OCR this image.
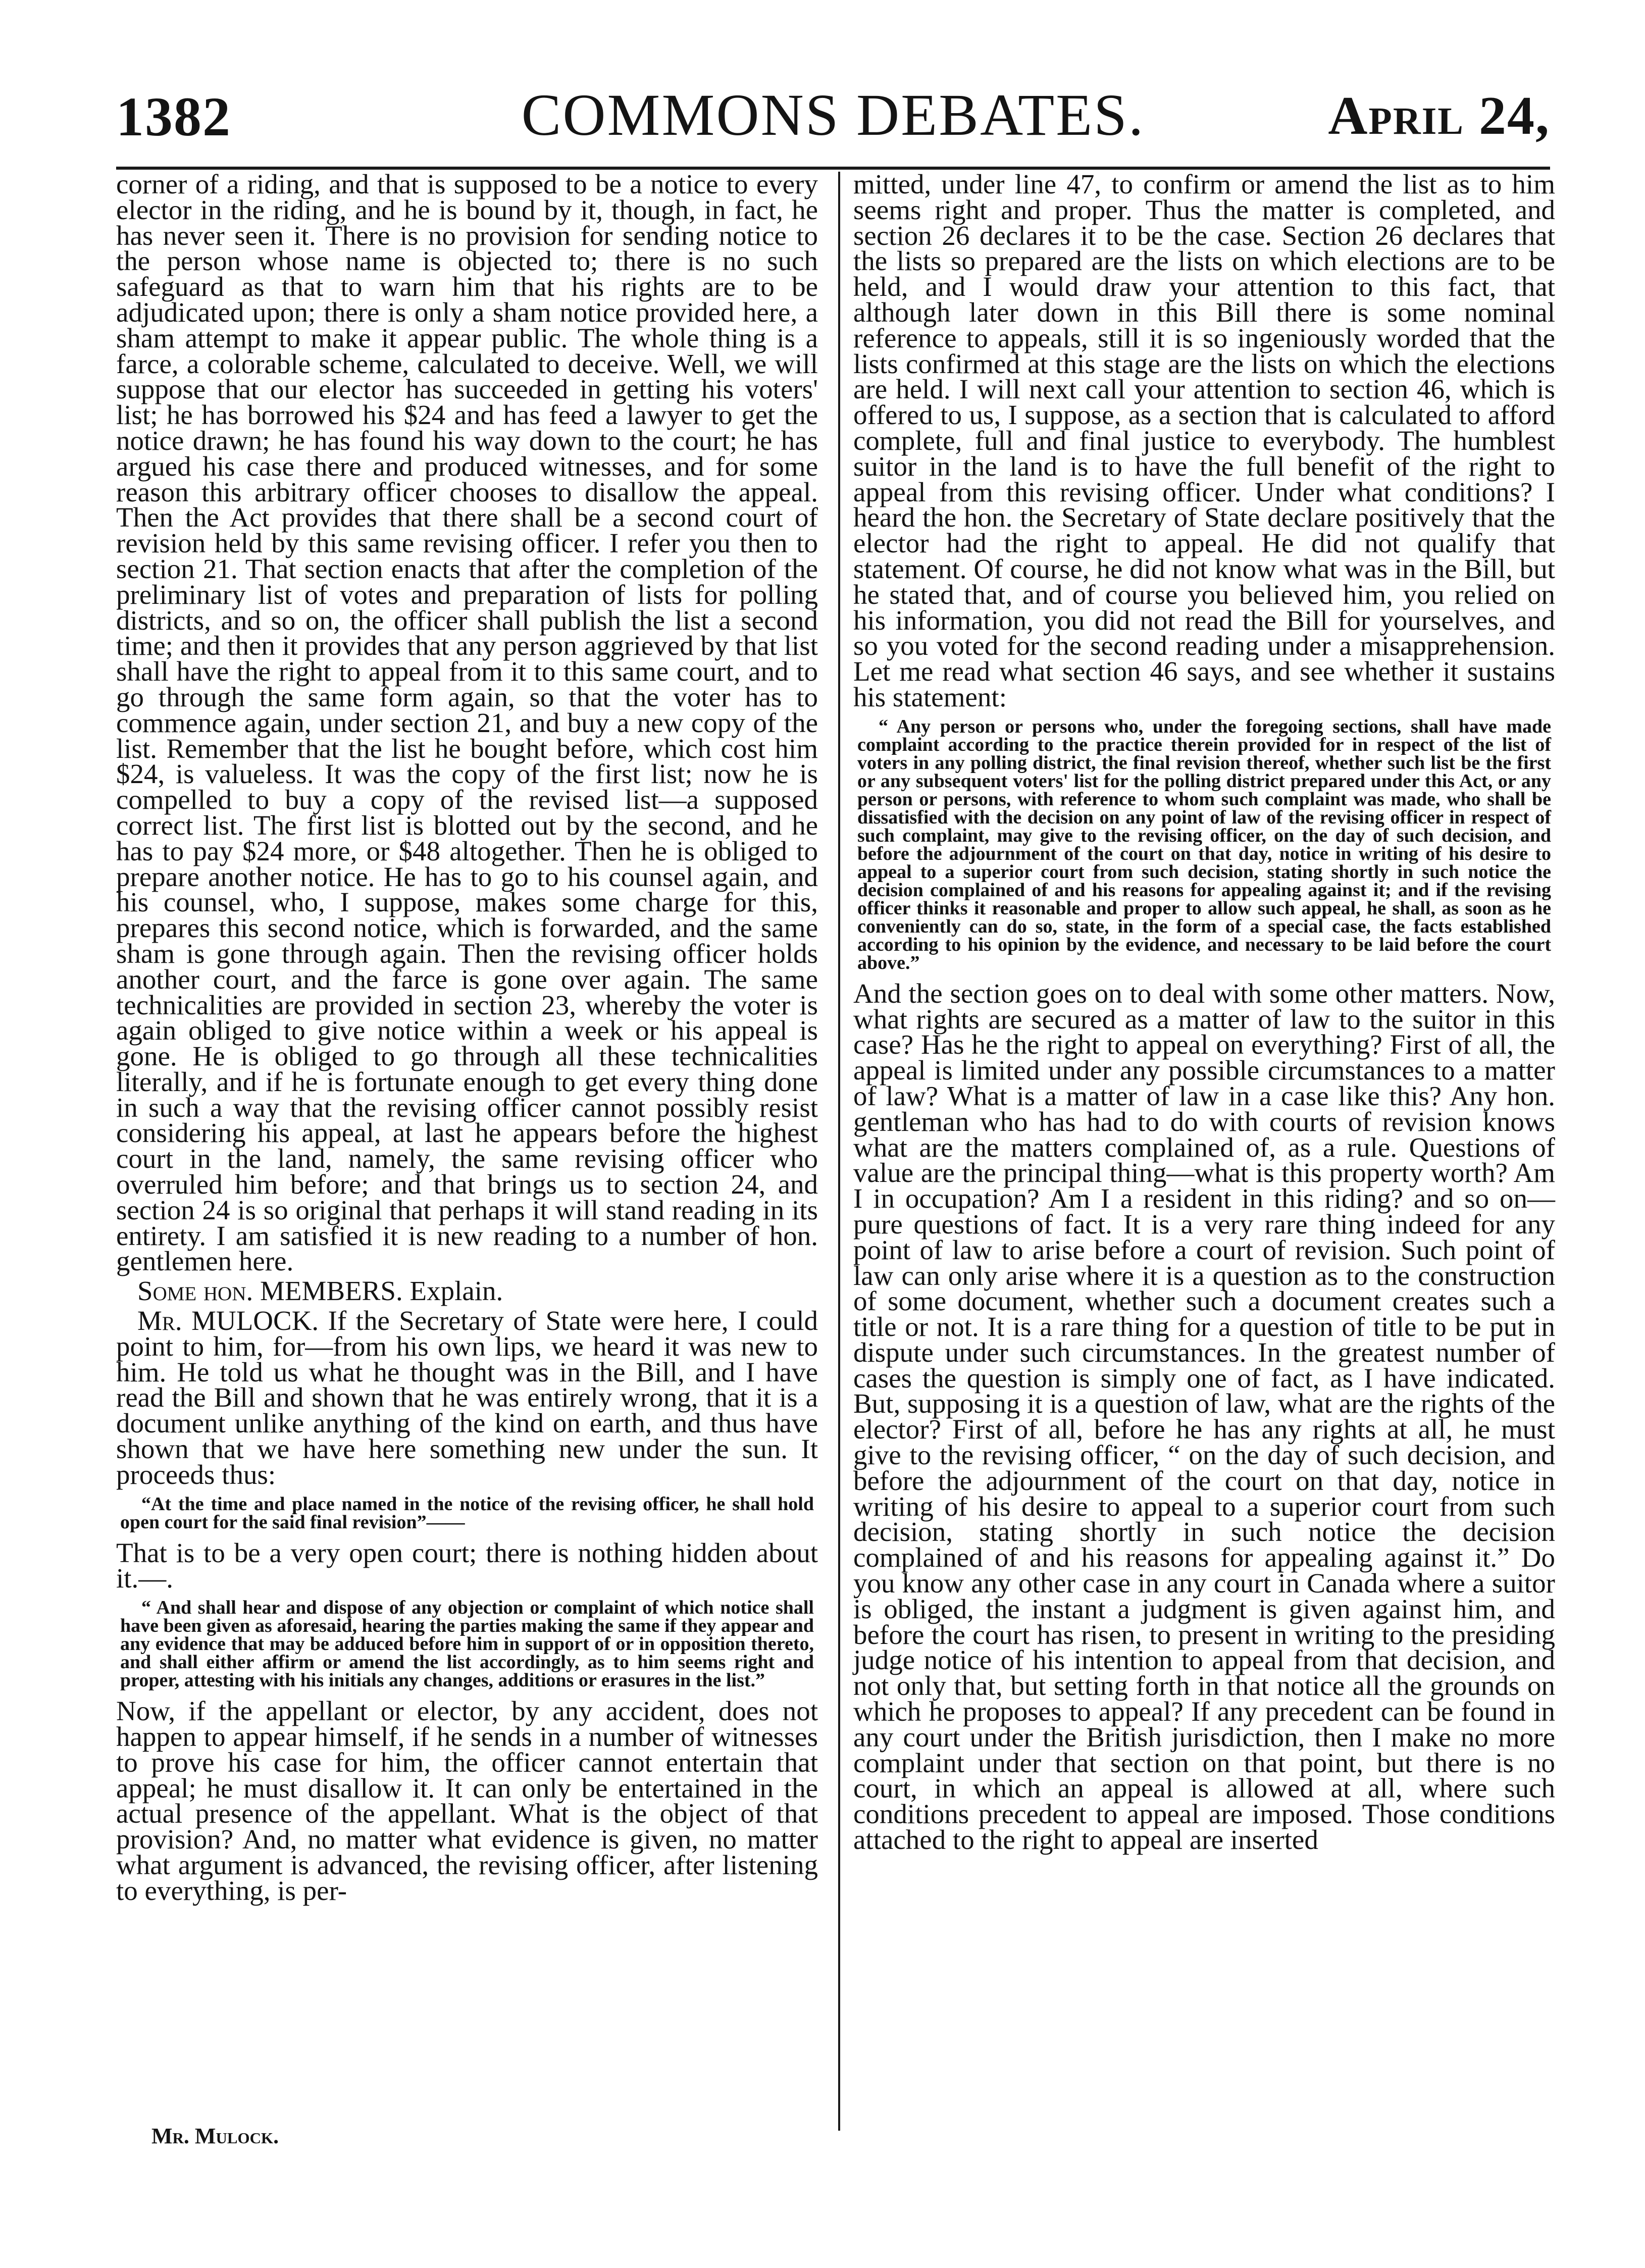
1382	COMMONS DEBATES.	April 24,

corner of a riding, and that is supposed to be a notice to every elector in the riding, and he is bound by it, though, in fact, he has never seen it. There is no provision for sending notice to the person whose name is objected to; there is no such safeguard as that to warn him that his rights are to be adjudicated upon; there is only a sham notice provided here, a sham attempt to make it appear public. The whole thing is a farce, a colorable scheme, calculated to deceive. Well, we will suppose that our elector has succeeded in getting his voters' list; he has borrowed his $24 and has feed a lawyer to get the notice drawn; he has found his way down to the court; he has argued his case there and produced witnesses, and for some reason this arbitrary officer chooses to disallow the appeal. Then the Act provides that there shall be a second court of revision held by this same revising officer. I refer you then to section 21. That section enacts that after the completion of the preliminary list of votes and preparation of lists for polling districts, and so on, the officer shall publish the list a second time; and then it provides that any person aggrieved by that list shall have the right to appeal from it to this same court, and to go through the same form again, so that the voter has to commence again, under section 21, and buy a new copy of the list. Remember that the list he bought before, which cost him $24, is valueless. It was the copy of the first list; now he is compelled to buy a copy of the revised list—a supposed correct list. The first list is blotted out by the second, and he has to pay $24 more, or $48 altogether. Then he is obliged to prepare another notice. He has to go to his counsel again, and his counsel, who, I suppose, makes some charge for this, prepares this second notice, which is forwarded, and the same sham is gone through again. Then the revising officer holds another court, and the farce is gone over again. The same technicalities are provided in section 23, whereby the voter is again obliged to give notice within a week or his appeal is gone. He is obliged to go through all these technicalities literally, and if he is fortunate enough to get every thing done in such a way that the revising officer cannot possibly resist considering his appeal, at last he appears before the highest court in the land, namely, the same revising officer who overruled him before; and that brings us to section 24, and section 24 is so original that perhaps it will stand reading in its entirety. I am satisfied it is new reading to a number of hon. gentlemen here.

Some hon. MEMBERS. Explain.

Mr. MULOCK. If the Secretary of State were here, I could point to him, for—from his own lips, we heard it was new to him. He told us what he thought was in the Bill, and I have read the Bill and shown that he was entirely wrong, that it is a document unlike anything of the kind on earth, and thus have shown that we have here something new under the sun. It proceeds thus:

“At the time and place named in the notice of the revising officer, he shall hold open court for the said final revision”——

That is to be a very open court; there is nothing hidden about it.—.

“ And shall hear and dispose of any objection or complaint of which notice shall have been given as aforesaid, hearing the parties making the same if they appear and any evidence that may be adduced before him in support of or in opposition thereto, and shall either affirm or amend the list accordingly, as to him seems right and proper, attesting with his initials any changes, additions or erasures in the list.”

Now, if the appellant or elector, by any accident, does not happen to appear himself, if he sends in a number of witnesses to prove his case for him, the officer cannot entertain that appeal; he must disallow it. It can only be entertained in the actual presence of the appellant. What is the object of that provision? And, no matter what evidence is given, no matter what argument is advanced, the revising officer, after listening to everything, is per-

mitted, under line 47, to confirm or amend the list as to him seems right and proper. Thus the matter is completed, and section 26 declares it to be the case. Section 26 declares that the lists so prepared are the lists on which elections are to be held, and I would draw your attention to this fact, that although later down in this Bill there is some nominal reference to appeals, still it is so ingeniously worded that the lists confirmed at this stage are the lists on which the elections are held. I will next call your attention to section 46, which is offered to us, I suppose, as a section that is calculated to afford complete, full and final justice to everybody. The humblest suitor in the land is to have the full benefit of the right to appeal from this revising officer. Under what conditions? I heard the hon. the Secretary of State declare positively that the elector had the right to appeal. He did not qualify that statement. Of course, he did not know what was in the Bill, but he stated that, and of course you believed him, you relied on his information, you did not read the Bill for yourselves, and so you voted for the second reading under a misapprehension. Let me read what section 46 says, and see whether it sustains his statement:

“ Any person or persons who, under the foregoing sections, shall have made complaint according to the practice therein provided for in respect of the list of voters in any polling district, the final revision thereof, whether such list be the first or any subsequent voters' list for the polling district prepared under this Act, or any person or persons, with reference to whom such complaint was made, who shall be dissatisfied with the decision on any point of law of the revising officer in respect of such complaint, may give to the revising officer, on the day of such decision, and before the adjournment of the court on that day, notice in writing of his desire to appeal to a superior court from such decision, stating shortly in such notice the decision complained of and his reasons for appealing against it; and if the revising officer thinks it reasonable and proper to allow such appeal, he shall, as soon as he conveniently can do so, state, in the form of a special case, the facts established according to his opinion by the evidence, and necessary to be laid before the court above.”

And the section goes on to deal with some other matters. Now, what rights are secured as a matter of law to the suitor in this case? Has he the right to appeal on everything? First of all, the appeal is limited under any possible circumstances to a matter of law? What is a matter of law in a case like this? Any hon. gentleman who has had to do with courts of revision knows what are the matters complained of, as a rule. Questions of value are the principal thing—what is this property worth? Am I in occupation? Am I a resident in this riding? and so on—pure questions of fact. It is a very rare thing indeed for any point of law to arise before a court of revision. Such point of law can only arise where it is a question as to the construction of some document, whether such a document creates such a title or not. It is a rare thing for a question of title to be put in dispute under such circumstances. In the greatest number of cases the question is simply one of fact, as I have indicated. But, supposing it is a question of law, what are the rights of the elector? First of all, before he has any rights at all, he must give to the revising officer, “ on the day of such decision, and before the adjournment of the court on that day, notice in writing of his desire to appeal to a superior court from such decision, stating shortly in such notice the decision complained of and his reasons for appealing against it.” Do you know any other case in any court in Canada where a suitor is obliged, the instant a judgment is given against him, and before the court has risen, to present in writing to the presiding judge notice of his intention to appeal from that decision, and not only that, but setting forth in that notice all the grounds on which he proposes to appeal? If any precedent can be found in any court under the British jurisdiction, then I make no more complaint under that section on that point, but there is no court, in which an appeal is allowed at all, where such conditions precedent to appeal are imposed. Those conditions attached to the right to appeal are inserted

Mr. Mulock.
